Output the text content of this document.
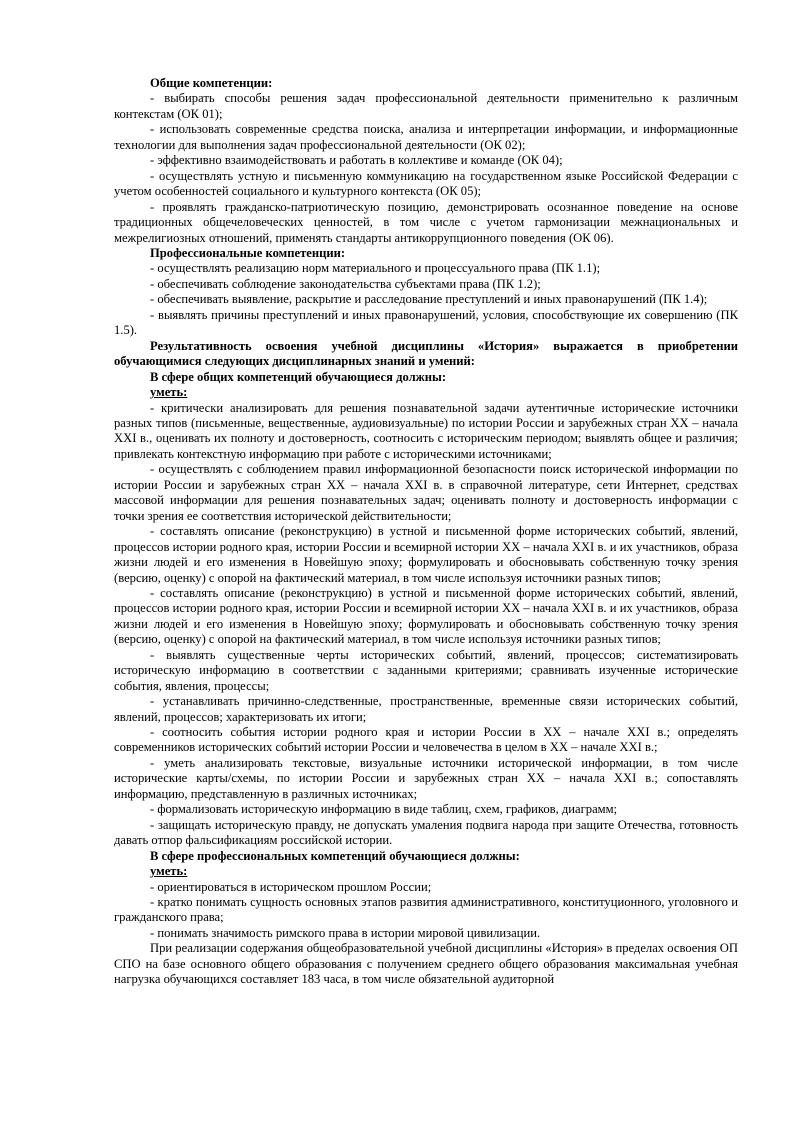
Общие компетенции:

- выбирать способы решения задач профессиональной деятельности применительно к различным контекстам (ОК 01);

- использовать современные средства поиска, анализа и интерпретации информации, и информационные технологии для выполнения задач профессиональной деятельности (ОК 02);

- эффективно взаимодействовать и работать в коллективе и команде (ОК 04);

- осуществлять устную и письменную коммуникацию на государственном языке Российской Федерации с учетом особенностей социального и культурного контекста (ОК 05);

- проявлять гражданско-патриотическую позицию, демонстрировать осознанное поведение на основе традиционных общечеловеческих ценностей, в том числе с учетом гармонизации межнациональных и межрелигиозных отношений, применять стандарты антикоррупционного поведения (ОК 06).

Профессиональные компетенции:

- осуществлять реализацию норм материального и процессуального права (ПК 1.1);

- обеспечивать соблюдение законодательства субъектами права (ПК 1.2);

- обеспечивать выявление, раскрытие и расследование преступлений и иных правонарушений (ПК 1.4);

- выявлять причины преступлений и иных правонарушений, условия, способствующие их совершению (ПК 1.5).

Результативность освоения учебной дисциплины «История» выражается в приобретении обучающимися следующих дисциплинарных знаний и умений:

В сфере общих компетенций обучающиеся должны:

уметь:

- критически анализировать для решения познавательной задачи аутентичные исторические источники разных типов (письменные, вещественные, аудиовизуальные) по истории России и зарубежных стран XX – начала XXI в., оценивать их полноту и достоверность, соотносить с историческим периодом; выявлять общее и различия; привлекать контекстную информацию при работе с историческими источниками;

- осуществлять с соблюдением правил информационной безопасности поиск исторической информации по истории России и зарубежных стран XX – начала XXI в. в справочной литературе, сети Интернет, средствах массовой информации для решения познавательных задач; оценивать полноту и достоверность информации с точки зрения ее соответствия исторической действительности;

- составлять описание (реконструкцию) в устной и письменной форме исторических событий, явлений, процессов истории родного края, истории России и всемирной истории XX – начала XXI в. и их участников, образа жизни людей и его изменения в Новейшую эпоху; формулировать и обосновывать собственную точку зрения (версию, оценку) с опорой на фактический материал, в том числе используя источники разных типов;

- составлять описание (реконструкцию) в устной и письменной форме исторических событий, явлений, процессов истории родного края, истории России и всемирной истории XX – начала XXI в. и их участников, образа жизни людей и его изменения в Новейшую эпоху; формулировать и обосновывать собственную точку зрения (версию, оценку) с опорой на фактический материал, в том числе используя источники разных типов;

- выявлять существенные черты исторических событий, явлений, процессов; систематизировать историческую информацию в соответствии с заданными критериями; сравнивать изученные исторические события, явления, процессы;

- устанавливать причинно-следственные, пространственные, временные связи исторических событий, явлений, процессов; характеризовать их итоги;

- соотносить события истории родного края и истории России в XX – начале XXI в.; определять современников исторических событий истории России и человечества в целом в XX – начале XXI в.;

- уметь анализировать текстовые, визуальные источники исторической информации, в том числе исторические карты/схемы, по истории России и зарубежных стран XX – начала XXI в.; сопоставлять информацию, представленную в различных источниках;

- формализовать историческую информацию в виде таблиц, схем, графиков, диаграмм;

- защищать историческую правду, не допускать умаления подвига народа при защите Отечества, готовность давать отпор фальсификациям российской истории.

В сфере профессиональных компетенций обучающиеся должны:

уметь:

- ориентироваться в историческом прошлом России;

- кратко понимать сущность основных этапов развития административного, конституционного, уголовного и гражданского права;

- понимать значимость римского права в истории мировой цивилизации.

При реализации содержания общеобразовательной учебной дисциплины «История» в пределах освоения ОП СПО на базе основного общего образования с получением среднего общего образования максимальная учебная нагрузка обучающихся составляет 183 часа, в том числе обязательной аудиторной
